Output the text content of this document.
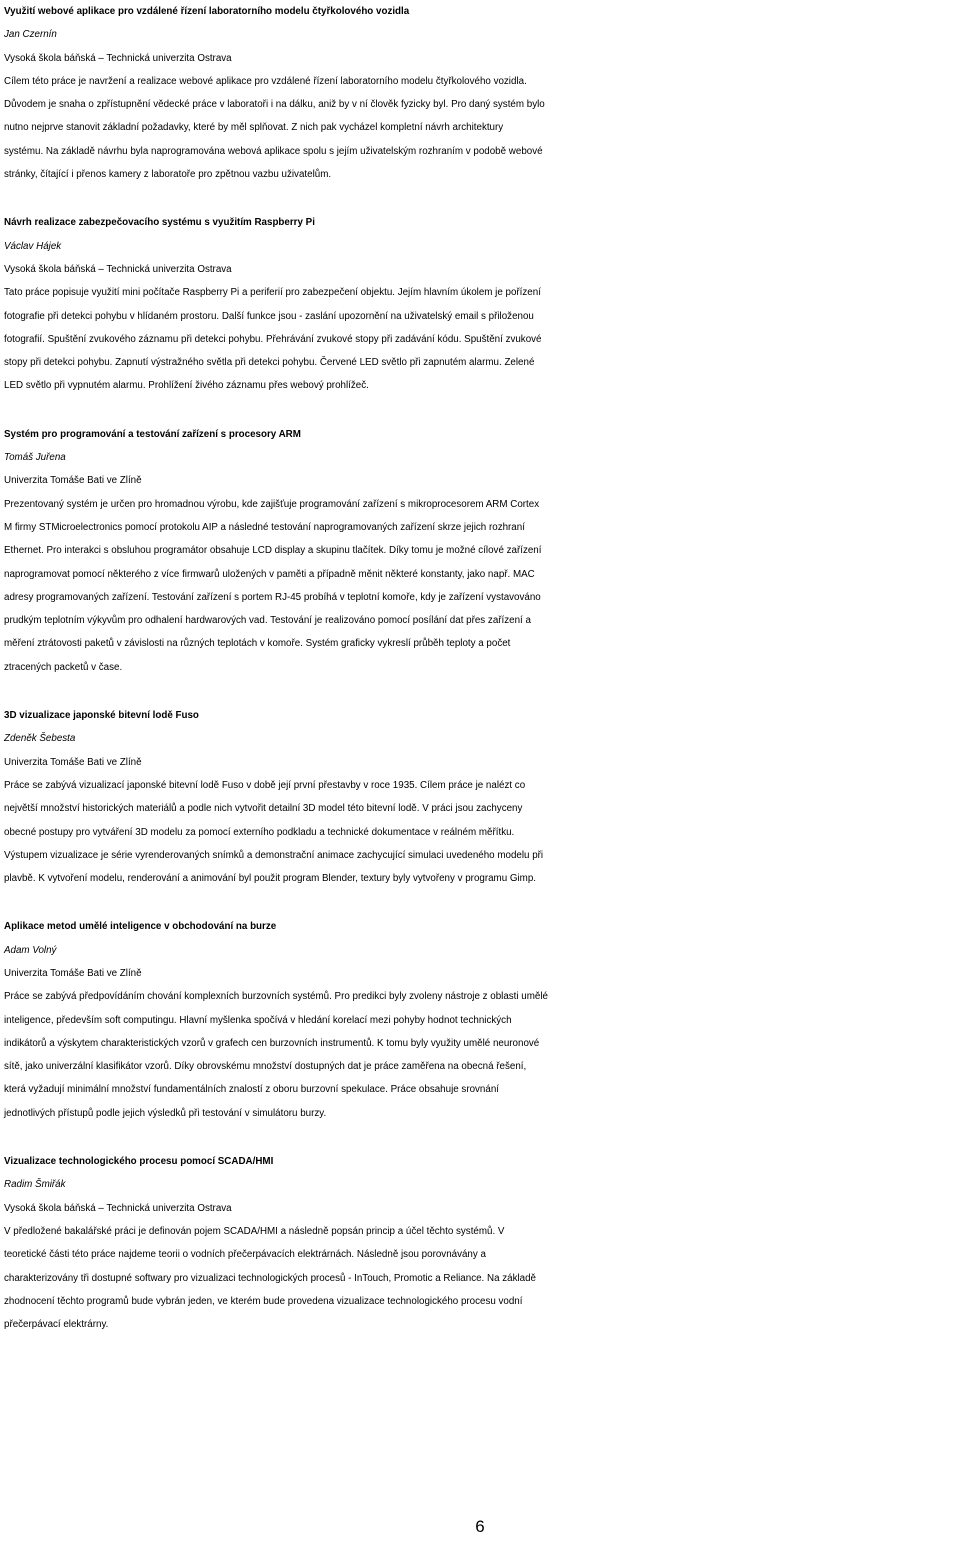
Využití webové aplikace pro vzdálené řízení laboratorního modelu čtyřkolového vozidla
Jan Czernín
Vysoká škola báňská – Technická univerzita Ostrava
Cílem této práce je navržení a realizace webové aplikace pro vzdálené řízení laboratorního modelu čtyřkolového vozidla.
Důvodem je snaha o zpřístupnění vědecké práce v laboratoři i na dálku, aniž by v ní člověk fyzicky byl. Pro daný systém bylo
nutno nejprve stanovit základní požadavky, které by měl splňovat. Z nich pak vycházel kompletní návrh architektury
systému. Na základě návrhu byla naprogramována webová aplikace spolu s jejím uživatelským rozhraním v podobě webové
stránky, čítající i přenos kamery z laboratoře pro zpětnou vazbu uživatelům.
Návrh realizace zabezpečovacího systému s využitím Raspberry Pi
Václav Hájek
Vysoká škola báňská – Technická univerzita Ostrava
Tato práce popisuje využití mini počítače Raspberry Pi a periferií pro zabezpečení objektu. Jejím hlavním úkolem je pořízení
fotografie při detekci pohybu v hlídaném prostoru. Další funkce jsou - zaslání upozornění na uživatelský email s přiloženou
fotografií. Spuštění zvukového záznamu při detekci pohybu. Přehrávání zvukové stopy při zadávání kódu. Spuštění zvukové
stopy při detekci pohybu. Zapnutí výstražného světla při detekci pohybu. Červené LED světlo při zapnutém alarmu. Zelené
LED světlo při vypnutém alarmu. Prohlížení živého záznamu přes webový prohlížeč.
Systém pro programování a testování zařízení s procesory ARM
Tomáš Juřena
Univerzita Tomáše Bati ve Zlíně
Prezentovaný systém je určen pro hromadnou výrobu, kde zajišťuje programování zařízení s mikroprocesorem ARM Cortex
M firmy STMicroelectronics pomocí protokolu AIP a následné testování naprogramovaných zařízení skrze jejich rozhraní
Ethernet. Pro interakci s obsluhou programátor obsahuje LCD display a skupinu tlačítek. Díky tomu je možné cílové zařízení
naprogramovat pomocí některého z více firmwarů uložených v paměti a případně měnit některé konstanty, jako např. MAC
adresy programovaných zařízení. Testování zařízení s portem RJ-45 probíhá v teplotní komoře, kdy je zařízení vystavováno
prudkým teplotním výkyvům pro odhalení hardwarových vad. Testování je realizováno pomocí posílání dat přes zařízení a
měření ztrátovosti paketů v závislosti na různých teplotách v komoře. Systém graficky vykreslí průběh teploty a počet
ztracených packetů v čase.
3D vizualizace japonské bitevní lodě Fuso
Zdeněk Šebesta
Univerzita Tomáše Bati ve Zlíně
Práce se zabývá vizualizací japonské bitevní lodě Fuso v době její první přestavby v roce 1935. Cílem práce je nalézt co
největší množství historických materiálů a podle nich vytvořit detailní 3D model této bitevní lodě. V práci jsou zachyceny
obecné postupy pro vytváření 3D modelu za pomocí externího podkladu a technické dokumentace v reálném měřítku.
Výstupem vizualizace je série vyrenderovaných snímků a demonstrační animace zachycující simulaci uvedeného modelu při
plavbě. K vytvoření modelu, renderování a animování byl použit program Blender, textury byly vytvořeny v programu Gimp.
Aplikace metod umělé inteligence v obchodování na burze
Adam Volný
Univerzita Tomáše Bati ve Zlíně
Práce se zabývá předpovídáním chování komplexních burzovních systémů. Pro predikci byly zvoleny nástroje z oblasti umělé
inteligence, především soft computingu. Hlavní myšlenka spočívá v hledání korelací mezi pohyby hodnot technických
indikátorů a výskytem charakteristických vzorů v grafech cen burzovních instrumentů. K tomu byly využity umělé neuronové
sítě, jako univerzální klasifikátor vzorů. Díky obrovskému množství dostupných dat je práce zaměřena na obecná řešení,
která vyžadují minimální množství fundamentálních znalostí z oboru burzovní spekulace. Práce obsahuje srovnání
jednotlivých přístupů podle jejich výsledků při testování v simulátoru burzy.
Vizualizace technologického procesu pomocí SCADA/HMI
Radim Šmiřák
Vysoká škola báňská – Technická univerzita Ostrava
V předložené bakalářské práci je definován pojem SCADA/HMI a následně popsán princip a účel těchto systémů. V
teoretické části této práce najdeme teorii o vodních přečerpávacích elektrárnách. Následně jsou porovnávány a
charakterizovány tři dostupné softwary pro vizualizaci technologických procesů - InTouch, Promotic a Reliance. Na základě
zhodnocení těchto programů bude vybrán jeden, ve kterém bude provedena vizualizace technologického procesu vodní
přečerpávací elektrárny.
6
